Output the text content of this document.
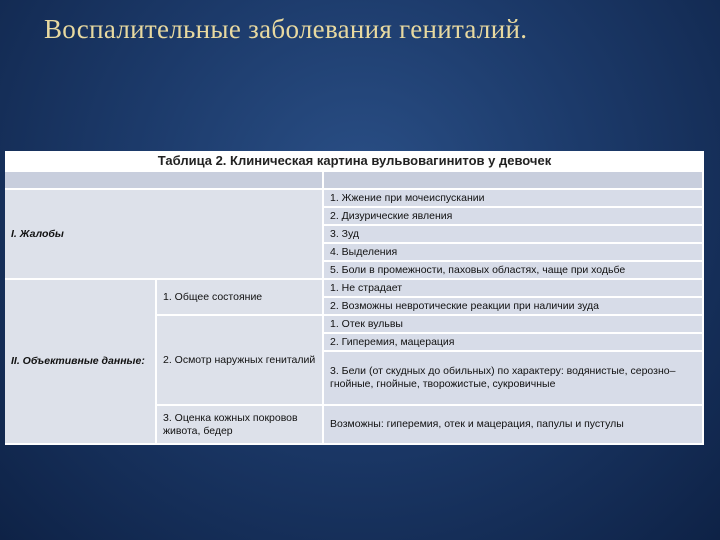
Воспалительные заболевания гениталий.
Таблица 2. Клиническая картина вульвовагинитов у девочек
I. Жалобы
1. Жжение при мочеиспускании
2. Дизурические явления
3. Зуд
4. Выделения
5. Боли в промежности, паховых областях, чаще при ходьбе
II. Объективные данные:
1. Общее состояние
1. Не страдает
2. Возможны невротические реакции при наличии зуда
2. Осмотр наружных гениталий
1. Отек вульвы
2. Гиперемия, мацерация
3. Бели (от скудных до обильных) по характеру: водянистые, серозно–гнойные, гнойные, творожистые, сукровичные
3. Оценка кожных покровов живота, бедер
Возможны: гиперемия, отек и мацерация, папулы и пустулы
